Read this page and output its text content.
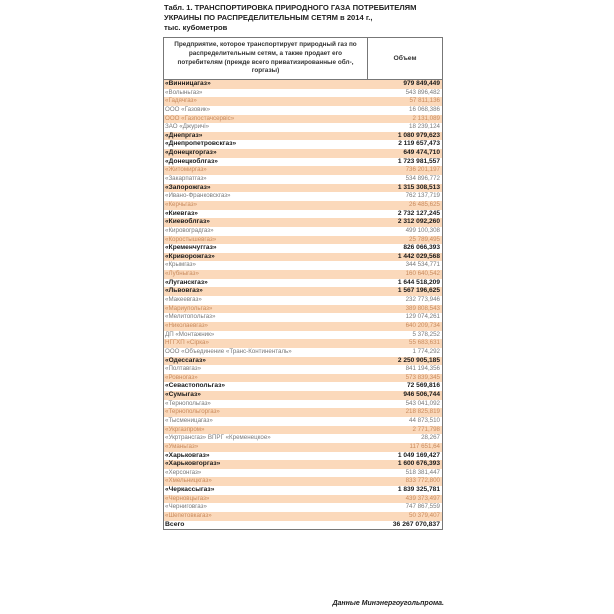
Табл. 1. ТРАНСПОРТИРОВКА ПРИРОДНОГО ГАЗА ПОТРЕБИТЕЛЯМ
УКРАИНЫ ПО РАСПРЕДЕЛИТЕЛЬНЫМ СЕТЯМ в 2014 г.,
тыс. кубометров
Предприятие, которое транспортирует природный газ по распределительным сетям, а также продает его потребителям (прежде всего приватизированные обл-, горгазы)
Объем
«Винницагаз»	979 849,449
«Волыньгаз»	543 896,482
«Гадячгаз»	57 811,136
ООО «Газовик»	16 068,386
ООО «Газпостачсервіс»	2 131,089
ЗАО «Джуричі»	18 239,124
«Днепргаз»	1 080 979,623
«Днепропетровскгаз»	2 119 657,473
«Донецкгоргаз»	649 474,710
«Донецкоблгаз»	1 723 981,557
«Житомиргаз»	736 201,197
«Закарпатгаз»	534 896,772
«Запорожгаз»	1 315 308,513
«Ивано-Франковскгаз»	762 137,719
«Керчьгаз»	26 485,625
«Киевгаз»	2 732 127,245
«Киевоблгаз»	2 312 092,260
«Кировоградгаз»	499 100,308
«Коростышевгаз»	25 789,495
«Кременчуггаз»	826 066,393
«Криворожгаз»	1 442 029,568
«Крымгаз»	344 534,771
«Лубныгаз»	160 640,542
«Луганскгаз»	1 644 518,209
«Львовгаз»	1 567 196,625
«Макеевгаз»	232 773,946
«Мариупольгаз»	389 808,543
«Мелитопольгаз»	129 074,261
«Николаевгаз»	640 209,734
ДП «Монтажник»	5 378,252
НГГХП «Сірка»	55 683,631
ООО «Объединение «Транс-Континенталь»	1 774,292
«Одессагаз»	2 250 905,185
«Полтавгаз»	841 194,356
«Ровногаз»	573 839,345
«Севастопольгаз»	72 569,816
«Сумыгаз»	946 506,744
«Тернопольгаз»	543 041,092
«Тернопольгоргаз»	218 825,819
«Тысменицагаз»	44 873,510
«Укргазпром»	2 771,798
«Укртрансгаз» ВПРГ «Кременецкое»	28,267
«Уманьгаз»	117 651,64
«Харьковгаз»	1 049 169,427
«Харьковгоргаз»	1 600 676,393
«Херсонгаз»	518 381,447
«Хмельницкгаз»	833 772,800
«Черкассыгаз»	1 839 325,781
«Черновцыгаз»	439 373,497
«Черниговгаз»	747 867,559
«Шепетовкагаз»	50 379,407
Всего	36 267 070,837
Данные Минэнергоугольпрома.
